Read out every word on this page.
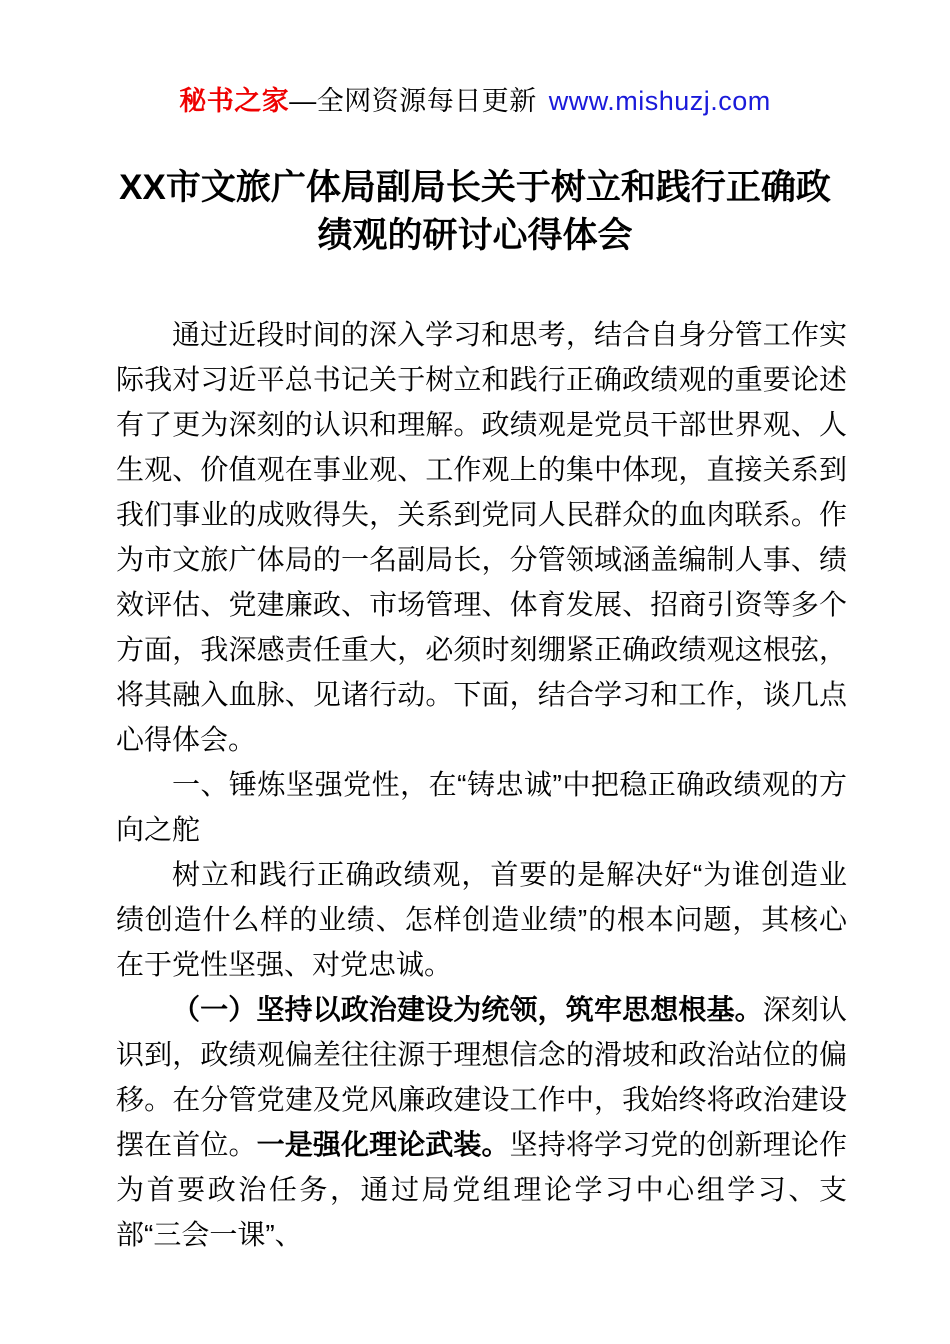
秘书之家—全网资源每日更新 www.mishuzj.com
XX市文旅广体局副局长关于树立和践行正确政绩观的研讨心得体会

通过近段时间的深入学习和思考，结合自身分管工作实际我对习近平总书记关于树立和践行正确政绩观的重要论述有了更为深刻的认识和理解。政绩观是党员干部世界观、人生观、价值观在事业观、工作观上的集中体现，直接关系到我们事业的成败得失，关系到党同人民群众的血肉联系。作为市文旅广体局的一名副局长，分管领域涵盖编制人事、绩效评估、党建廉政、市场管理、体育发展、招商引资等多个方面，我深感责任重大，必须时刻绷紧正确政绩观这根弦，将其融入血脉、见诸行动。下面，结合学习和工作，谈几点心得体会。

一、锤炼坚强党性，在“铸忠诚”中把稳正确政绩观的方向之舵

树立和践行正确政绩观，首要的是解决好“为谁创造业绩创造什么样的业绩、怎样创造业绩”的根本问题，其核心在于党性坚强、对党忠诚。

（一）坚持以政治建设为统领，筑牢思想根基。深刻认识到，政绩观偏差往往源于理想信念的滑坡和政治站位的偏移。在分管党建及党风廉政建设工作中，我始终将政治建设摆在首位。一是强化理论武装。坚持将学习党的创新理论作为首要政治任务，通过局党组理论学习中心组学习、支部“三会一课”、
